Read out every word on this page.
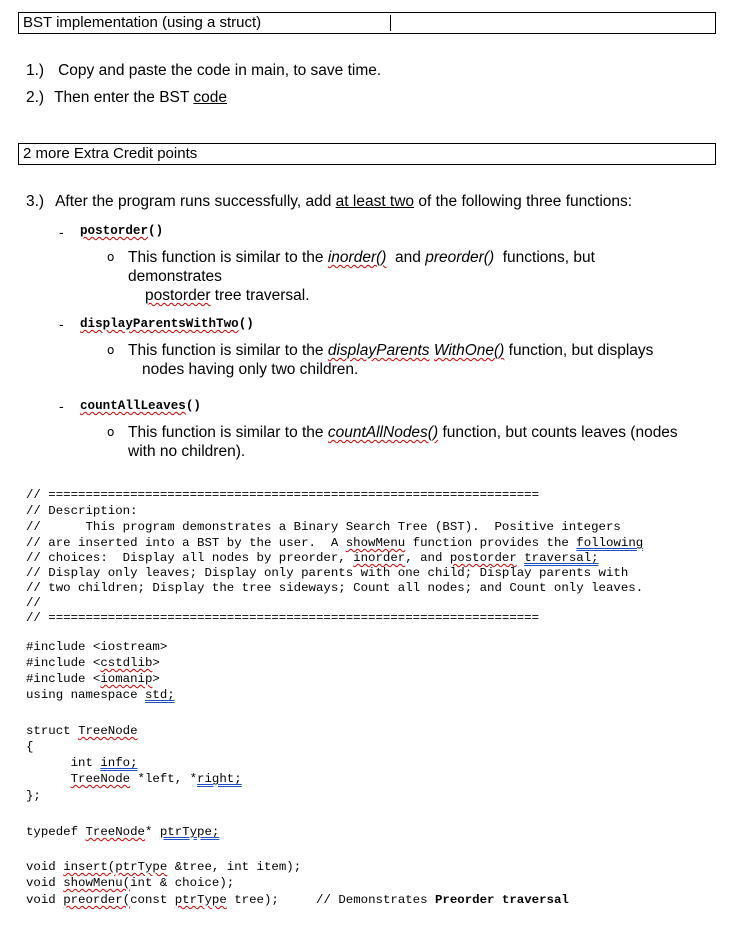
BST implementation (using a struct)
1.) Copy and paste the code in main, to save time.
2.) Then enter the BST code
2 more Extra Credit points
3.) After the program runs successfully, add at least two of the following three functions:
- postorder()
o This function is similar to the inorder()  and preorder()  functions, but
demonstrates
postorder tree traversal.
- displayParentsWithTwo()
o This function is similar to the displayParents WithOne() function, but displays
nodes having only two children.
- countAllLeaves()
o This function is similar to the countAllNodes() function, but counts leaves (nodes
with no children).
// ==================================================================
// Description:
//      This program demonstrates a Binary Search Tree (BST).  Positive integers
// are inserted into a BST by the user.  A showMenu function provides the following
// choices:  Display all nodes by preorder, inorder, and postorder traversal;
// Display only leaves; Display only parents with one child; Display parents with
// two children; Display the tree sideways; Count all nodes; and Count only leaves.
//
// ==================================================================
#include <iostream>
#include <cstdlib>
#include <iomanip>
using namespace std;
struct TreeNode
{
int info;
TreeNode *left, *right;
};
typedef TreeNode* ptrType;
void insert(ptrType &tree, int item);
void showMenu(int & choice);
void preorder(const ptrType tree);     // Demonstrates Preorder traversal
